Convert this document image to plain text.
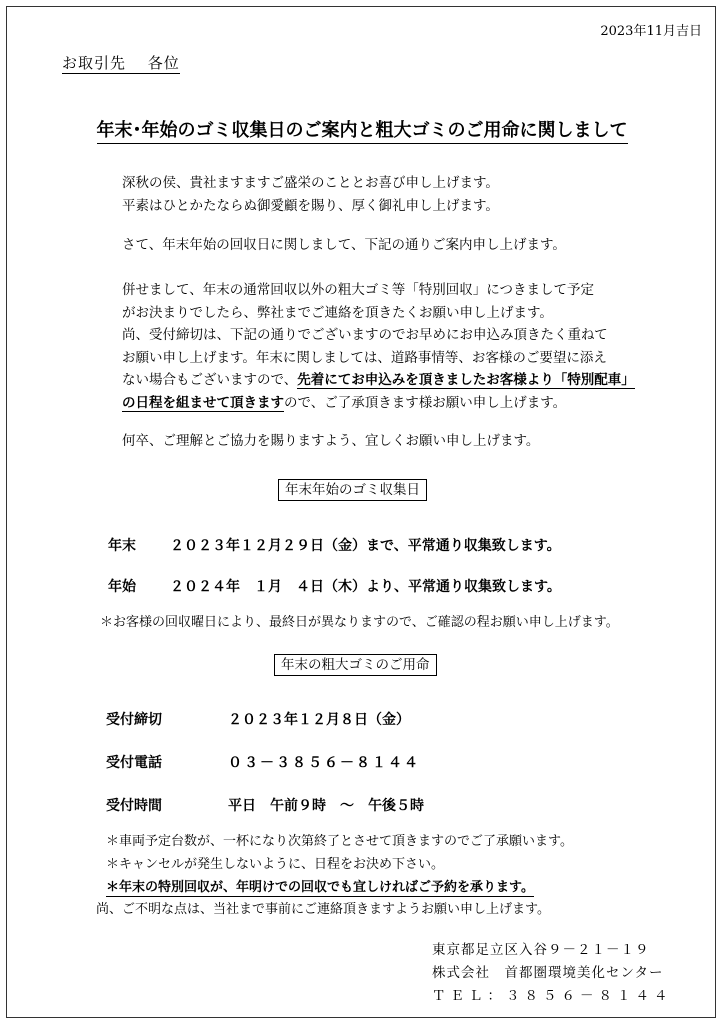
2023年11月吉日
お取引先　 各位
年末･年始のゴミ収集日のご案内と粗大ゴミのご用命に関しまして
深秋の侯、貴社ますますご盛栄のこととお喜び申し上げます。
平素はひとかたならぬ御愛顧を賜り、厚く御礼申し上げます。
さて、年末年始の回収日に関しまして、下記の通りご案内申し上げます。
併せまして、年末の通常回収以外の粗大ゴミ等「特別回収」につきまして予定
がお決まりでしたら、弊社までご連絡を頂きたくお願い申し上げます。
尚、受付締切は、下記の通りでございますのでお早めにお申込み頂きたく重ねて
お願い申し上げます。年末に関しましては、道路事情等、お客様のご要望に添え
ない場合もございますので、先着にてお申込みを頂きましたお客様より「特別配車」
の日程を組ませて頂きますので、ご了承頂きます様お願い申し上げます。
何卒、ご理解とご協力を賜りますよう、宜しくお願い申し上げます。
年末年始のゴミ収集日
年末 ２０２３年１２月２９日（金）まで、平常通り収集致します。
年始 ２０２４年　１月　４日（木）より、平常通り収集致します。
＊お客様の回収曜日により、最終日が異なりますので、ご確認の程お願い申し上げます。
年末の粗大ゴミのご用命
受付締切	２０２３年１２月８日（金）
受付電話	０３－３８５６－８１４４
受付時間	平日　午前９時　～　午後５時
＊車両予定台数が、一杯になり次第終了とさせて頂きますのでご了承願います。
＊キャンセルが発生しないように、日程をお決め下さい。
＊年末の特別回収が、年明けでの回収でも宜しければご予約を承ります。
尚、ご不明な点は、当社まで事前にご連絡頂きますようお願い申し上げます。
東京都足立区入谷９－２１－１９
株式会社　首都圏環境美化センター
ＴＥＬ：３８５６－８１４４
